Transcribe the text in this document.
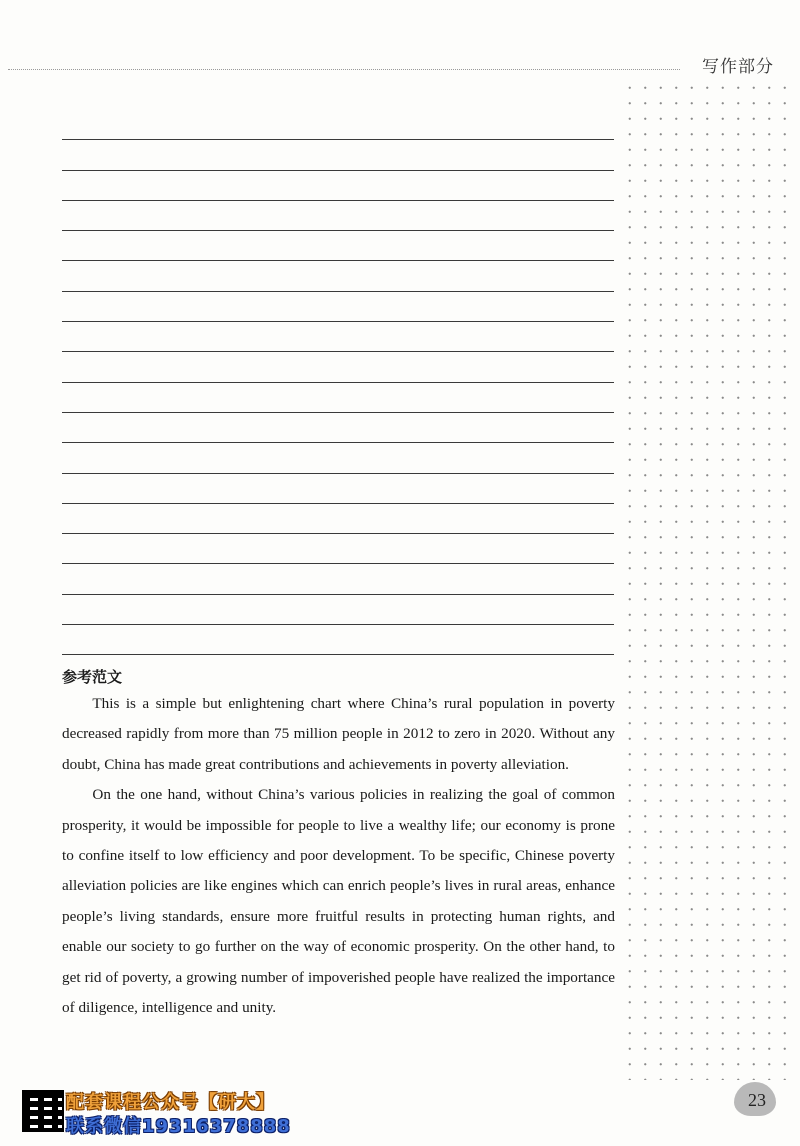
写作部分
参考范文

This is a simple but enlightening chart where China’s rural population in poverty decreased rapidly from more than 75 million people in 2012 to zero in 2020. Without any doubt, China has made great contributions and achievements in poverty alleviation.

On the one hand, without China’s various policies in realizing the goal of common prosperity, it would be impossible for people to live a wealthy life; our economy is prone to confine itself to low efficiency and poor development. To be specific, Chinese poverty alleviation policies are like engines which can enrich people’s lives in rural areas, enhance people’s living standards, ensure more fruitful results in protecting human rights, and enable our society to go further on the way of economic prosperity. On the other hand, to get rid of poverty, a growing number of impoverished people have realized the importance of diligence, intelligence and unity.

配套课程公众号【研大】
联系微信19316378888
23
